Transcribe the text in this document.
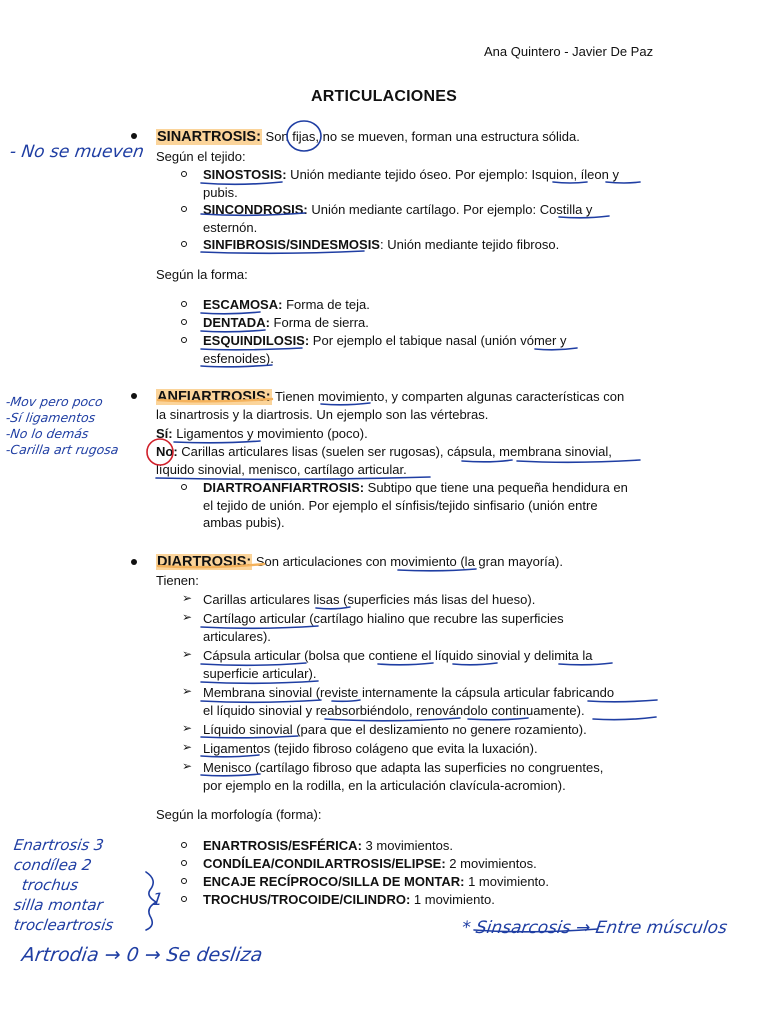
Ana Quintero - Javier De Paz
ARTICULACIONES
SINARTROSIS: Son fijas, no se mueven, forman una estructura sólida.
Según el tejido:
SINOSTOSIS: Unión mediante tejido óseo. Por ejemplo: Isquion, íleon y
pubis.
SINCONDROSIS: Unión mediante cartílago. Por ejemplo: Costilla y
esternón.
SINFIBROSIS/SINDESMOSIS: Unión mediante tejido fibroso.
Según la forma:
ESCAMOSA: Forma de teja.
DENTADA: Forma de sierra.
ESQUINDILOSIS: Por ejemplo el tabique nasal (unión vómer y
esfenoides).
ANFIARTROSIS: Tienen movimiento, y comparten algunas características con
la sinartrosis y la diartrosis. Un ejemplo son las vértebras.
Sí: Ligamentos y movimiento (poco).
No: Carillas articulares lisas (suelen ser rugosas), cápsula, membrana sinovial,
líquido sinovial, menisco, cartílago articular.
DIARTROANFIARTROSIS: Subtipo que tiene una pequeña hendidura en
el tejido de unión. Por ejemplo el sínfisis/tejido sinfisario (unión entre
ambas pubis).
DIARTROSIS: Son articulaciones con movimiento (la gran mayoría).
Tienen:
➢ Carillas articulares lisas (superficies más lisas del hueso).
➢ Cartílago articular (cartílago hialino que recubre las superficies
articulares).
➢ Cápsula articular (bolsa que contiene el líquido sinovial y delimita la
superficie articular).
➢ Membrana sinovial (reviste internamente la cápsula articular fabricando
el líquido sinovial y reabsorbiéndolo, renovándolo continuamente).
➢ Líquido sinovial (para que el deslizamiento no genere rozamiento).
➢ Ligamentos (tejido fibroso colágeno que evita la luxación).
➢ Menisco (cartílago fibroso que adapta las superficies no congruentes,
por ejemplo en la rodilla, en la articulación clavícula-acromion).
Según la morfología (forma):
ENARTROSIS/ESFÉRICA: 3 movimientos.
CONDÍLEA/CONDILARTROSIS/ELIPSE: 2 movimientos.
ENCAJE RECÍPROCO/SILLA DE MONTAR: 1 movimiento.
TROCHUS/TROCOIDE/CILINDRO: 1 movimiento.
- No se mueven
-Mov pero poco
-Sí ligamentos
-No lo demás
-Carilla art rugosa
Enartrosis 3
condílea 2
trochus
silla montar
trocleartrosis
1
Artrodia → 0 → Se desliza
* Sinsarcosis → Entre músculos
